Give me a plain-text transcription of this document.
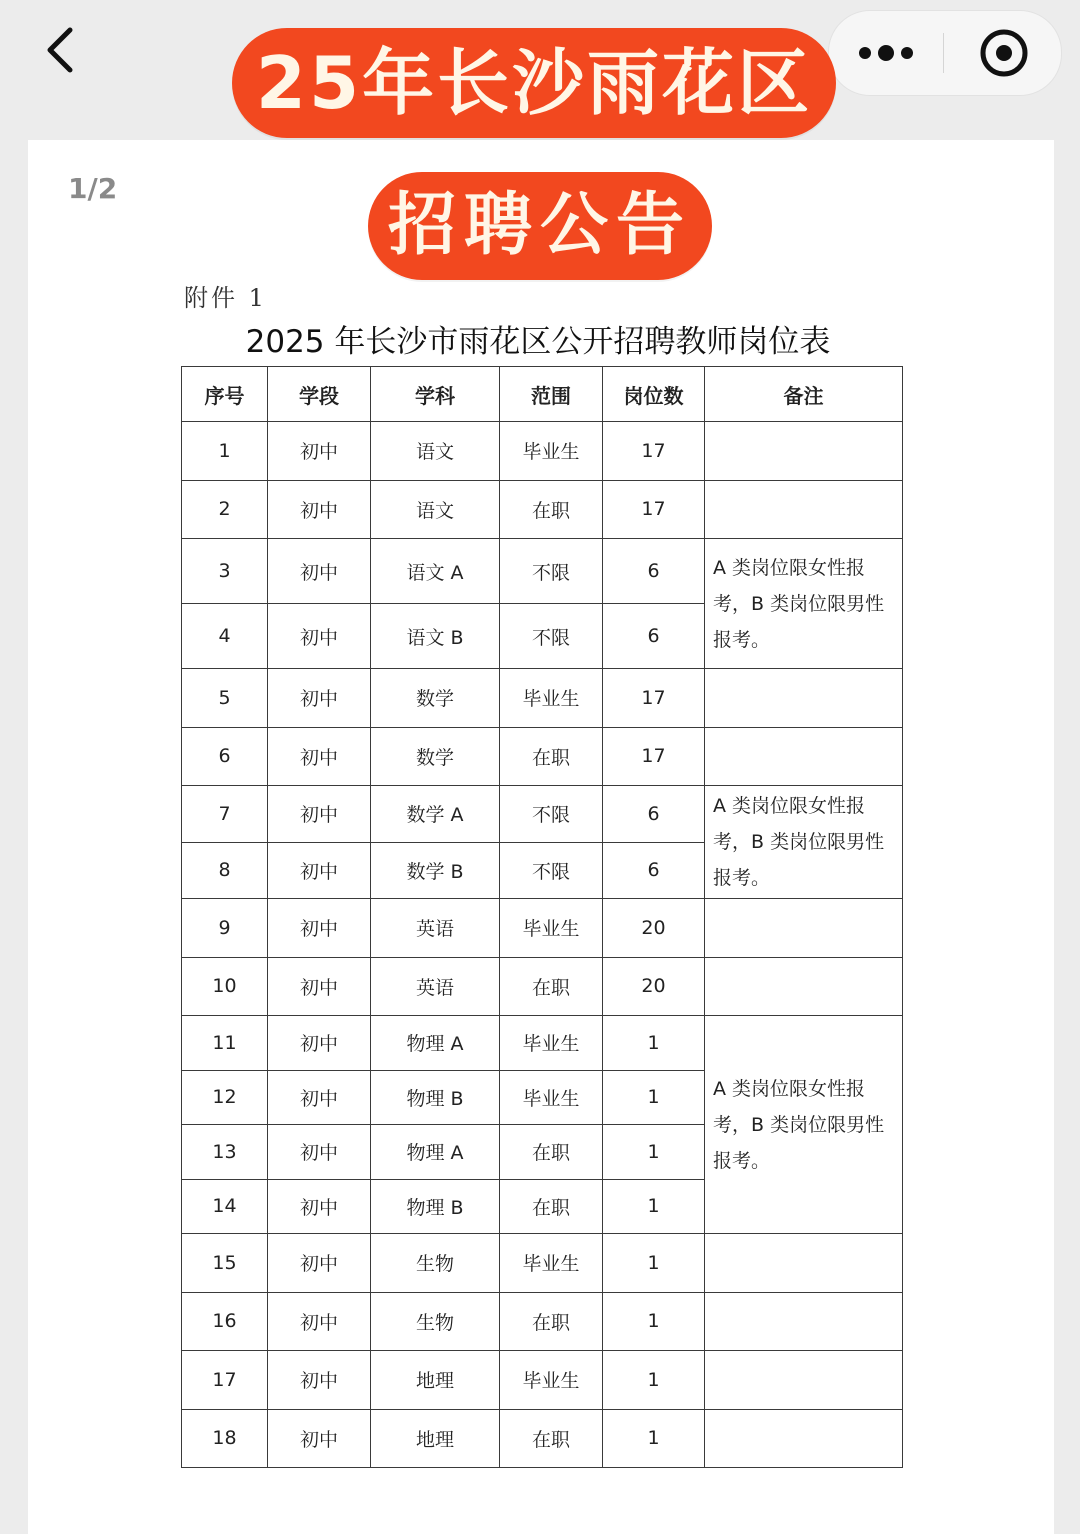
1/2
附件 1
2025 年长沙市雨花区公开招聘教师岗位表
序号	学段	学科	范围	岗位数	备注
1	初中	语文	毕业生	17	
2	初中	语文	在职	17	
3	初中	语文 A	不限	6	A 类岗位限女性报考，B 类岗位限男性报考。
4	初中	语文 B	不限	6	
5	初中	数学	毕业生	17	
6	初中	数学	在职	17	
7	初中	数学 A	不限	6	A 类岗位限女性报考，B 类岗位限男性报考。
8	初中	数学 B	不限	6	
9	初中	英语	毕业生	20	
10	初中	英语	在职	20	
11	初中	物理 A	毕业生	1	A 类岗位限女性报考，B 类岗位限男性报考。
12	初中	物理 B	毕业生	1	
13	初中	物理 A	在职	1	
14	初中	物理 B	在职	1	
15	初中	生物	毕业生	1	
16	初中	生物	在职	1	
17	初中	地理	毕业生	1	
18	初中	地理	在职	1	
25年长沙雨花区
招聘公告
